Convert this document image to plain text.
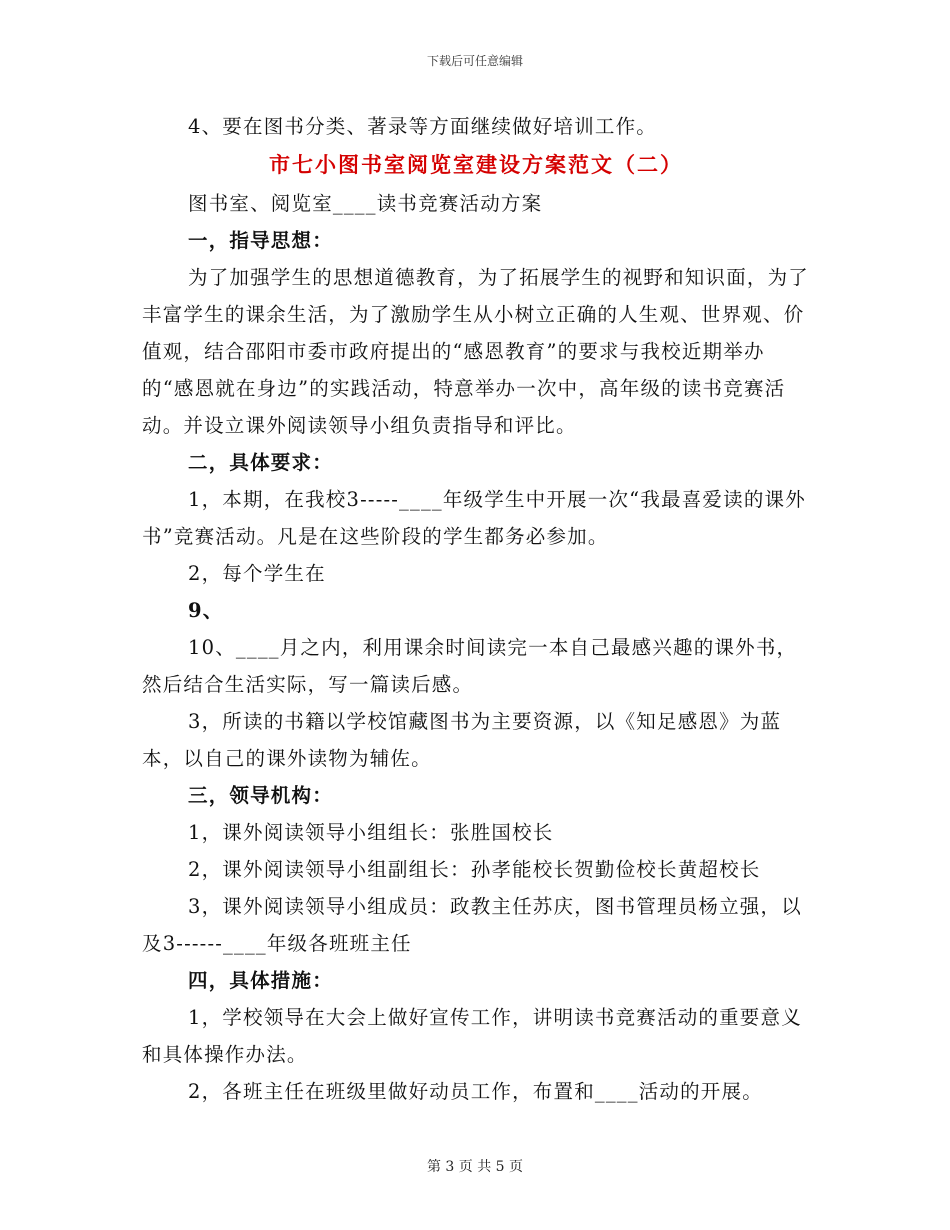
下载后可任意编辑

4、要在图书分类、著录等方面继续做好培训工作。

市七小图书室阅览室建设方案范文（二）

图书室、阅览室____读书竞赛活动方案

一，指导思想：

为了加强学生的思想道德教育，为了拓展学生的视野和知识面，为了丰富学生的课余生活，为了激励学生从小树立正确的人生观、世界观、价值观，结合邵阳市委市政府提出的“感恩教育”的要求与我校近期举办的“感恩就在身边”的实践活动，特意举办一次中，高年级的读书竞赛活动。并设立课外阅读领导小组负责指导和评比。

二，具体要求：

1，本期，在我校3-----____年级学生中开展一次“我最喜爱读的课外书”竞赛活动。凡是在这些阶段的学生都务必参加。

2，每个学生在

9、

10、____月之内，利用课余时间读完一本自己最感兴趣的课外书，然后结合生活实际，写一篇读后感。

3，所读的书籍以学校馆藏图书为主要资源，以《知足感恩》为蓝本，以自己的课外读物为辅佐。

三，领导机构：

1，课外阅读领导小组组长：张胜国校长

2，课外阅读领导小组副组长：孙孝能校长贺勤俭校长黄超校长

3，课外阅读领导小组成员：政教主任苏庆，图书管理员杨立强，以及3------____年级各班班主任

四，具体措施：

1，学校领导在大会上做好宣传工作，讲明读书竞赛活动的重要意义和具体操作办法。

2，各班主任在班级里做好动员工作，布置和____活动的开展。

第 3 页 共 5 页
